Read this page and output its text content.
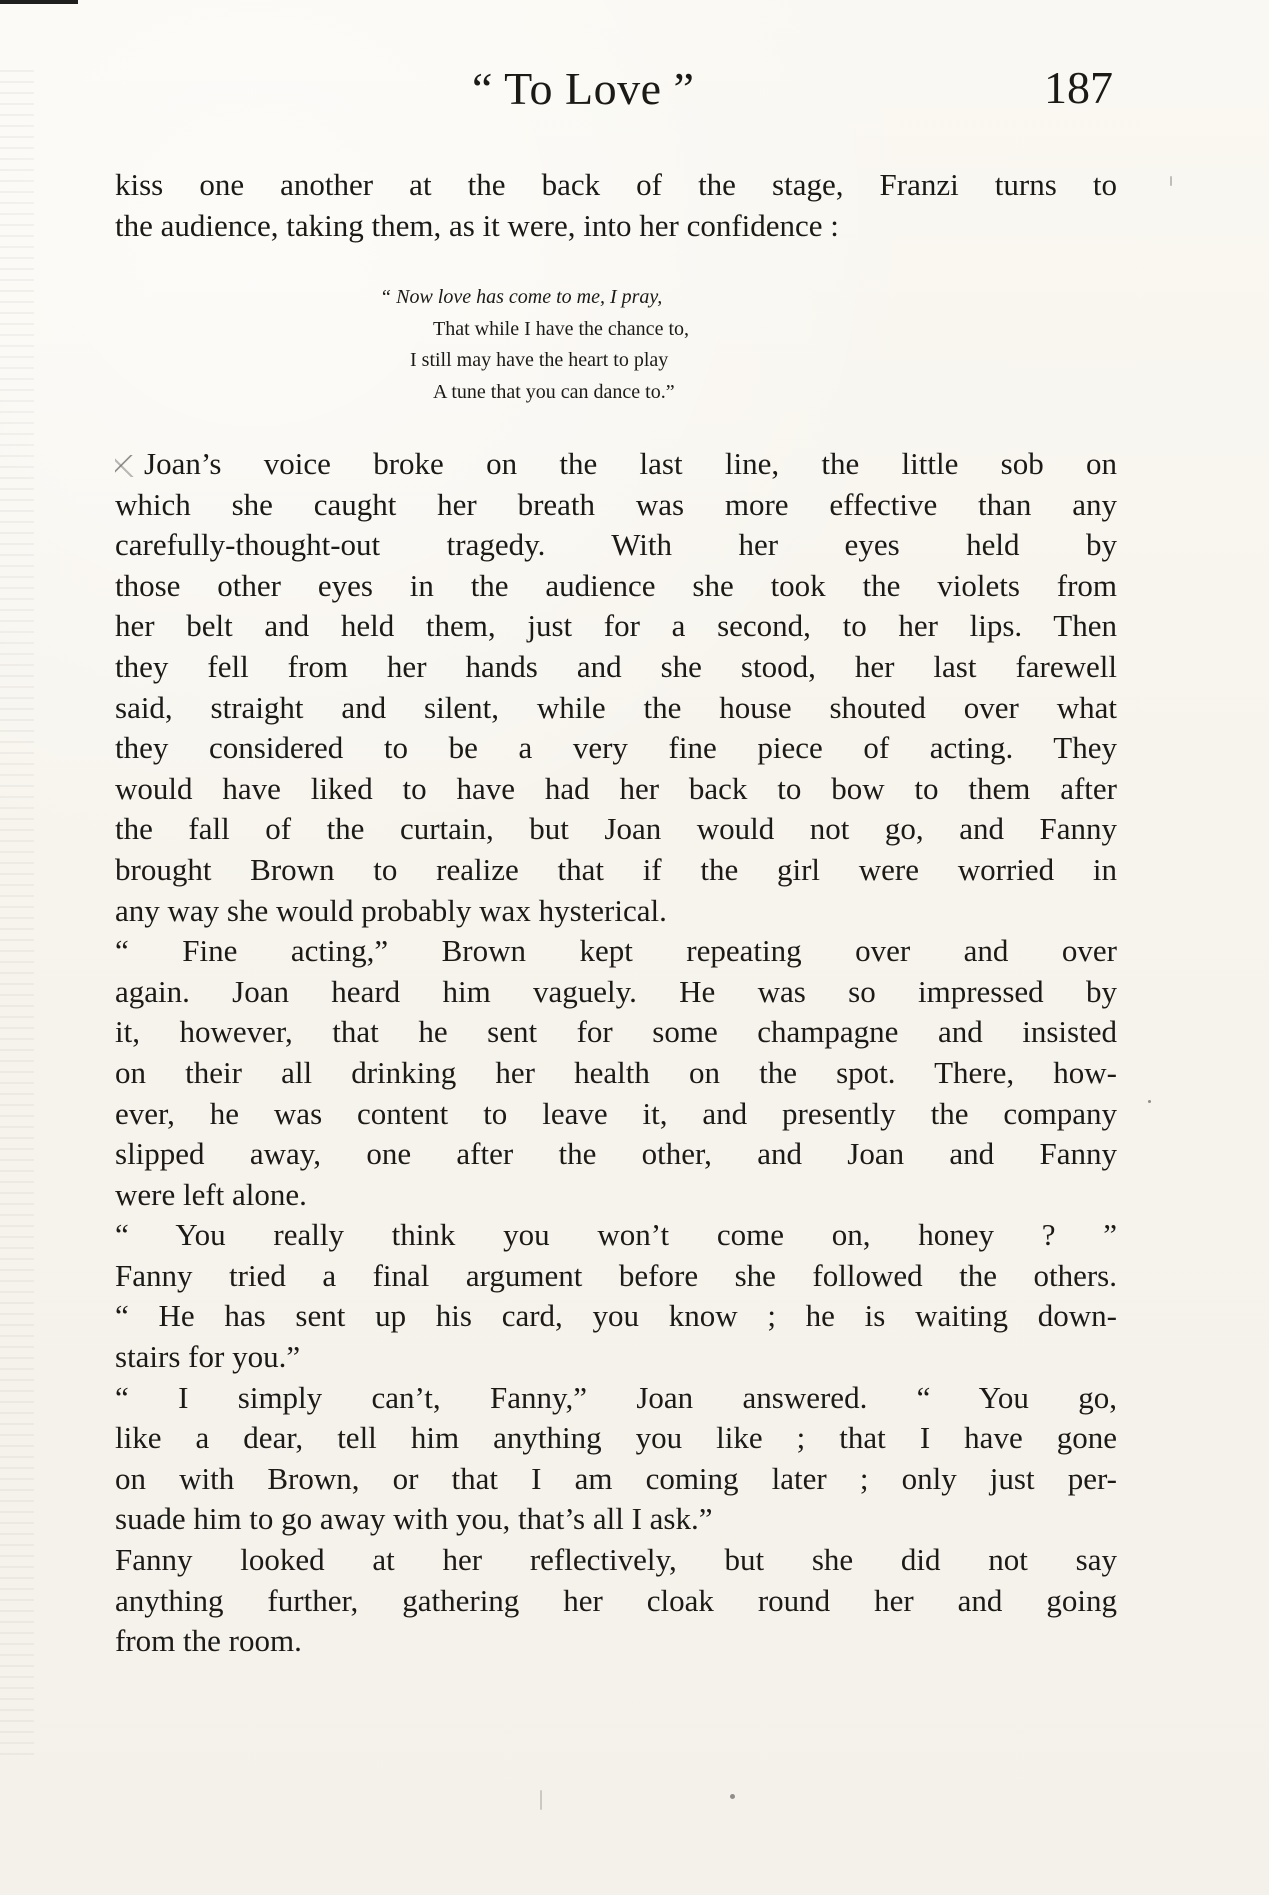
“ To Love ”	187
kiss one another at the back of the stage, Franzi turns to
the audience, taking them, as it were, into her confidence :
“ Now love has come to me, I pray,
That while I have the chance to,
I still may have the heart to play
A tune that you can dance to.”
Joan’s voice broke on the last line, the little sob on
which she caught her breath was more effective than any
carefully-thought-out tragedy. With her eyes held by
those other eyes in the audience she took the violets from
her belt and held them, just for a second, to her lips. Then
they fell from her hands and she stood, her last farewell
said, straight and silent, while the house shouted over what
they considered to be a very fine piece of acting. They
would have liked to have had her back to bow to them after
the fall of the curtain, but Joan would not go, and Fanny
brought Brown to realize that if the girl were worried in
any way she would probably wax hysterical.
“ Fine acting,” Brown kept repeating over and over
again. Joan heard him vaguely. He was so impressed by
it, however, that he sent for some champagne and insisted
on their all drinking her health on the spot. There, how-
ever, he was content to leave it, and presently the company
slipped away, one after the other, and Joan and Fanny
were left alone.
“ You really think you won’t come on, honey ? ”
Fanny tried a final argument before she followed the others.
“ He has sent up his card, you know ; he is waiting down-
stairs for you.”
“ I simply can’t, Fanny,” Joan answered. “ You go,
like a dear, tell him anything you like ; that I have gone
on with Brown, or that I am coming later ; only just per-
suade him to go away with you, that’s all I ask.”
Fanny looked at her reflectively, but she did not say
anything further, gathering her cloak round her and going
from the room.
